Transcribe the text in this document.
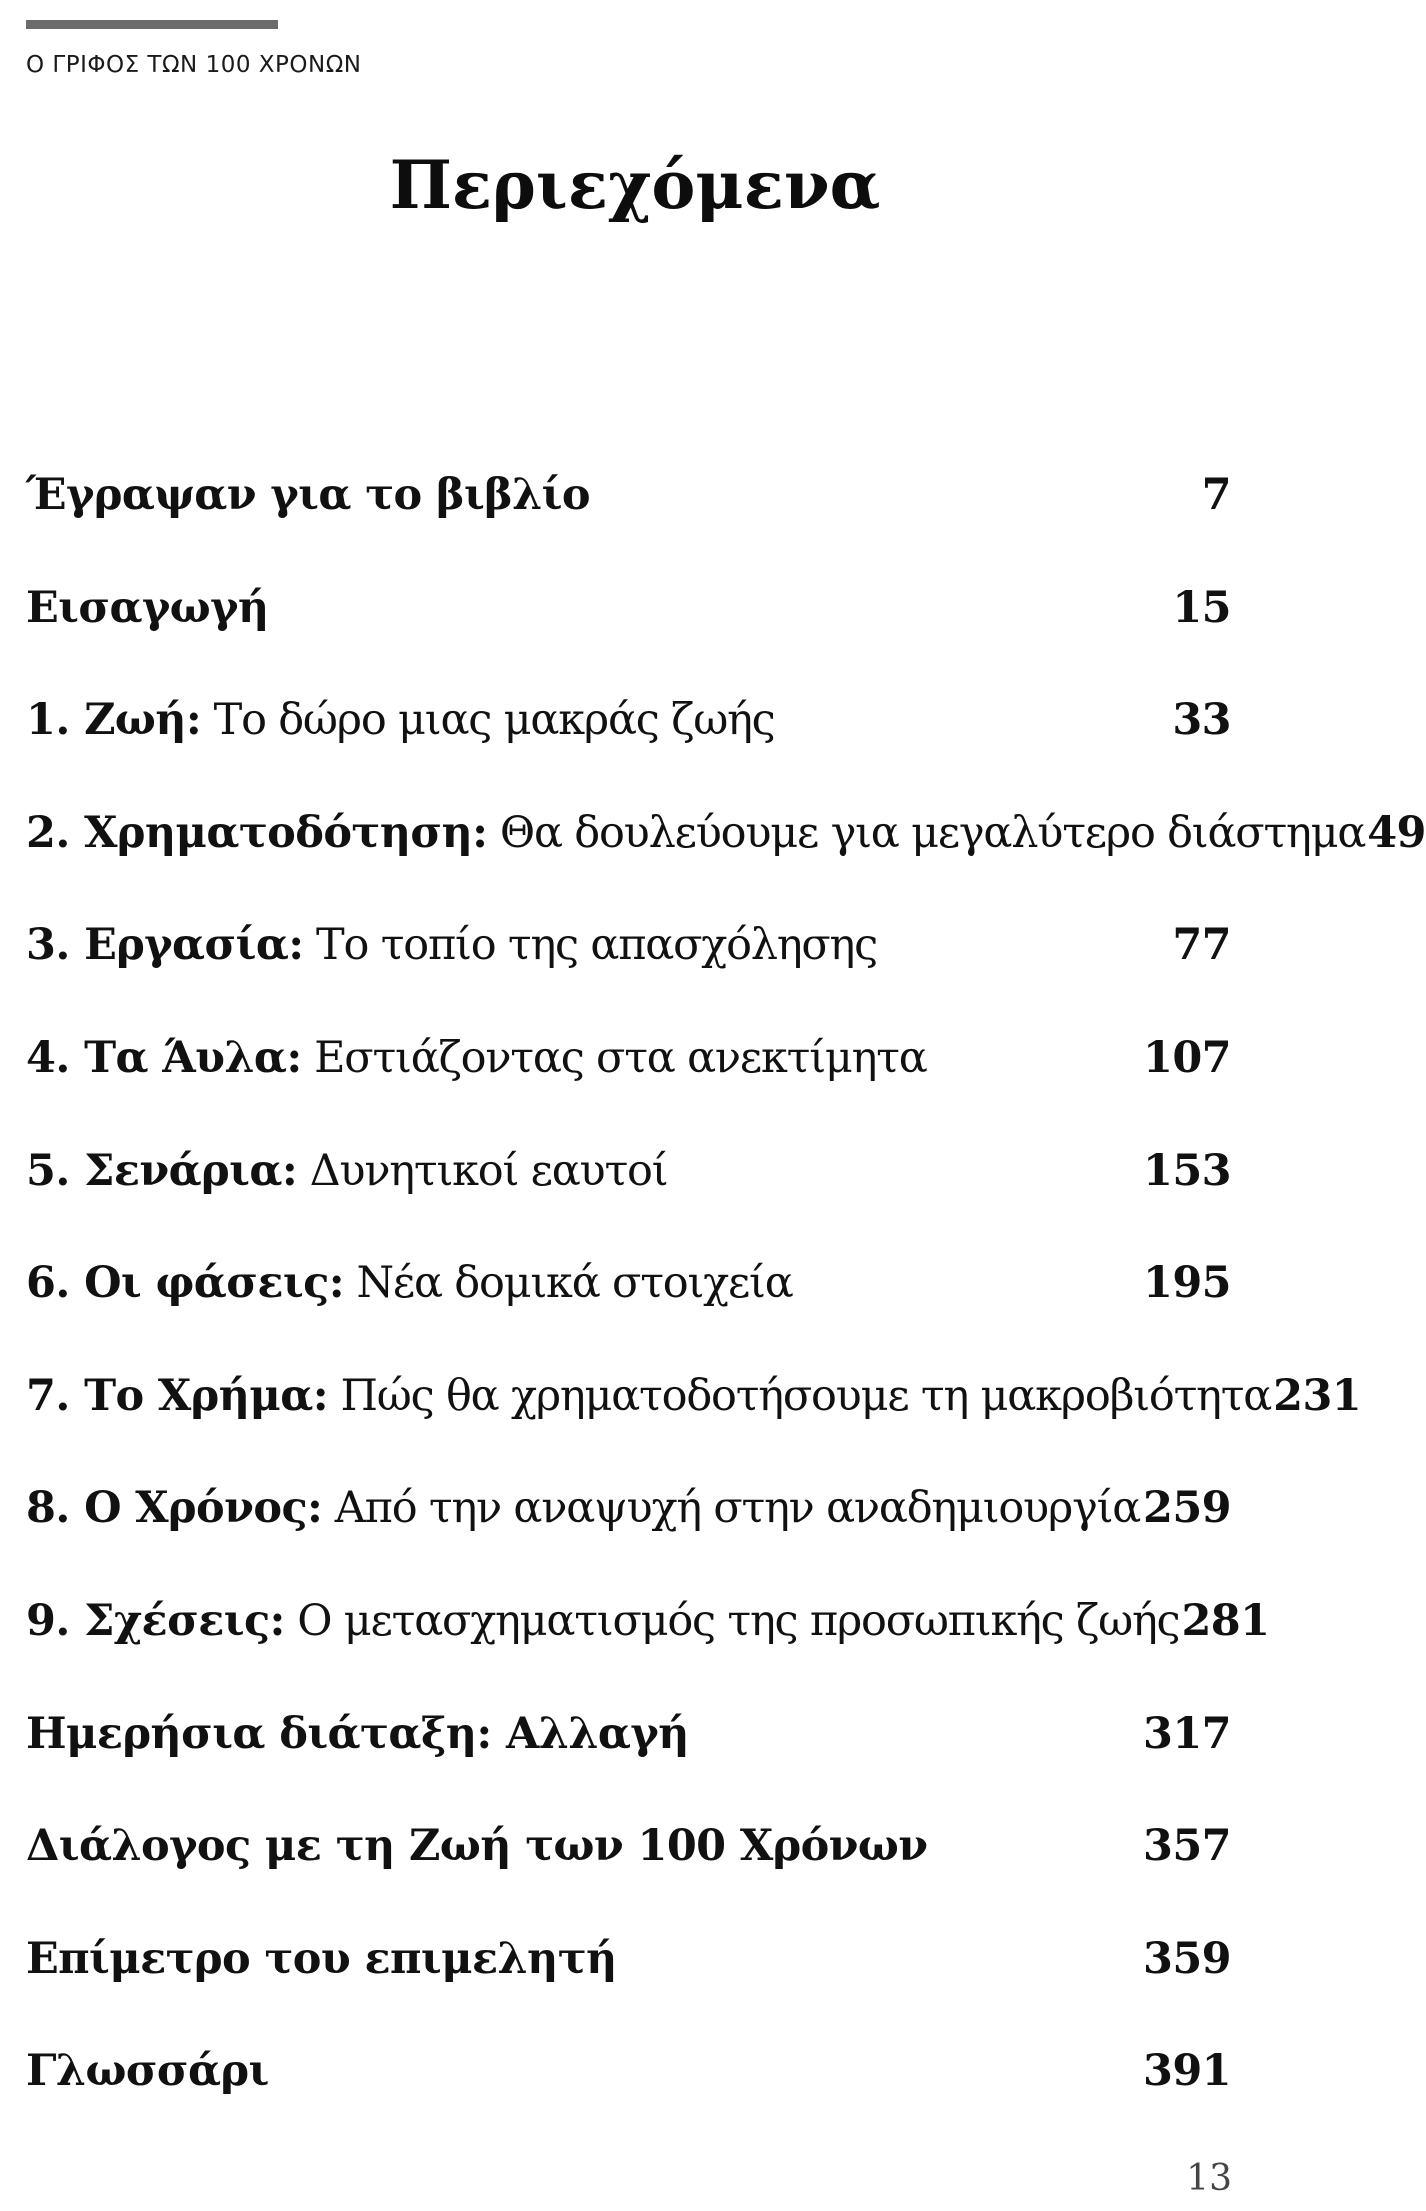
Ο ΓΡΙΦΟΣ ΤΩΝ 100 ΧΡΟΝΩΝ
Περιεχόμενα
Έγραψαν για το βιβλίο	7
Εισαγωγή	15
1. Ζωή: Το δώρο μιας μακράς ζωής	33
2. Χρηματοδότηση: Θα δουλεύουμε για μεγαλύτερο διάστημα 49
3. Εργασία: Το τοπίο της απασχόλησης	77
4. Τα Άυλα: Εστιάζοντας στα ανεκτίμητα	107
5. Σενάρια: Δυνητικοί εαυτοί	153
6. Οι φάσεις: Νέα δομικά στοιχεία	195
7. Το Χρήμα: Πώς θα χρηματοδοτήσουμε τη μακροβιότητα 231
8. Ο Χρόνος: Από την αναψυχή στην αναδημιουργία 259
9. Σχέσεις: Ο μετασχηματισμός της προσωπικής ζωής 281
Ημερήσια διάταξη: Αλλαγή	317
Διάλογος με τη Ζωή των 100 Χρόνων	357
Επίμετρο του επιμελητή	359
Γλωσσάρι	391
13
